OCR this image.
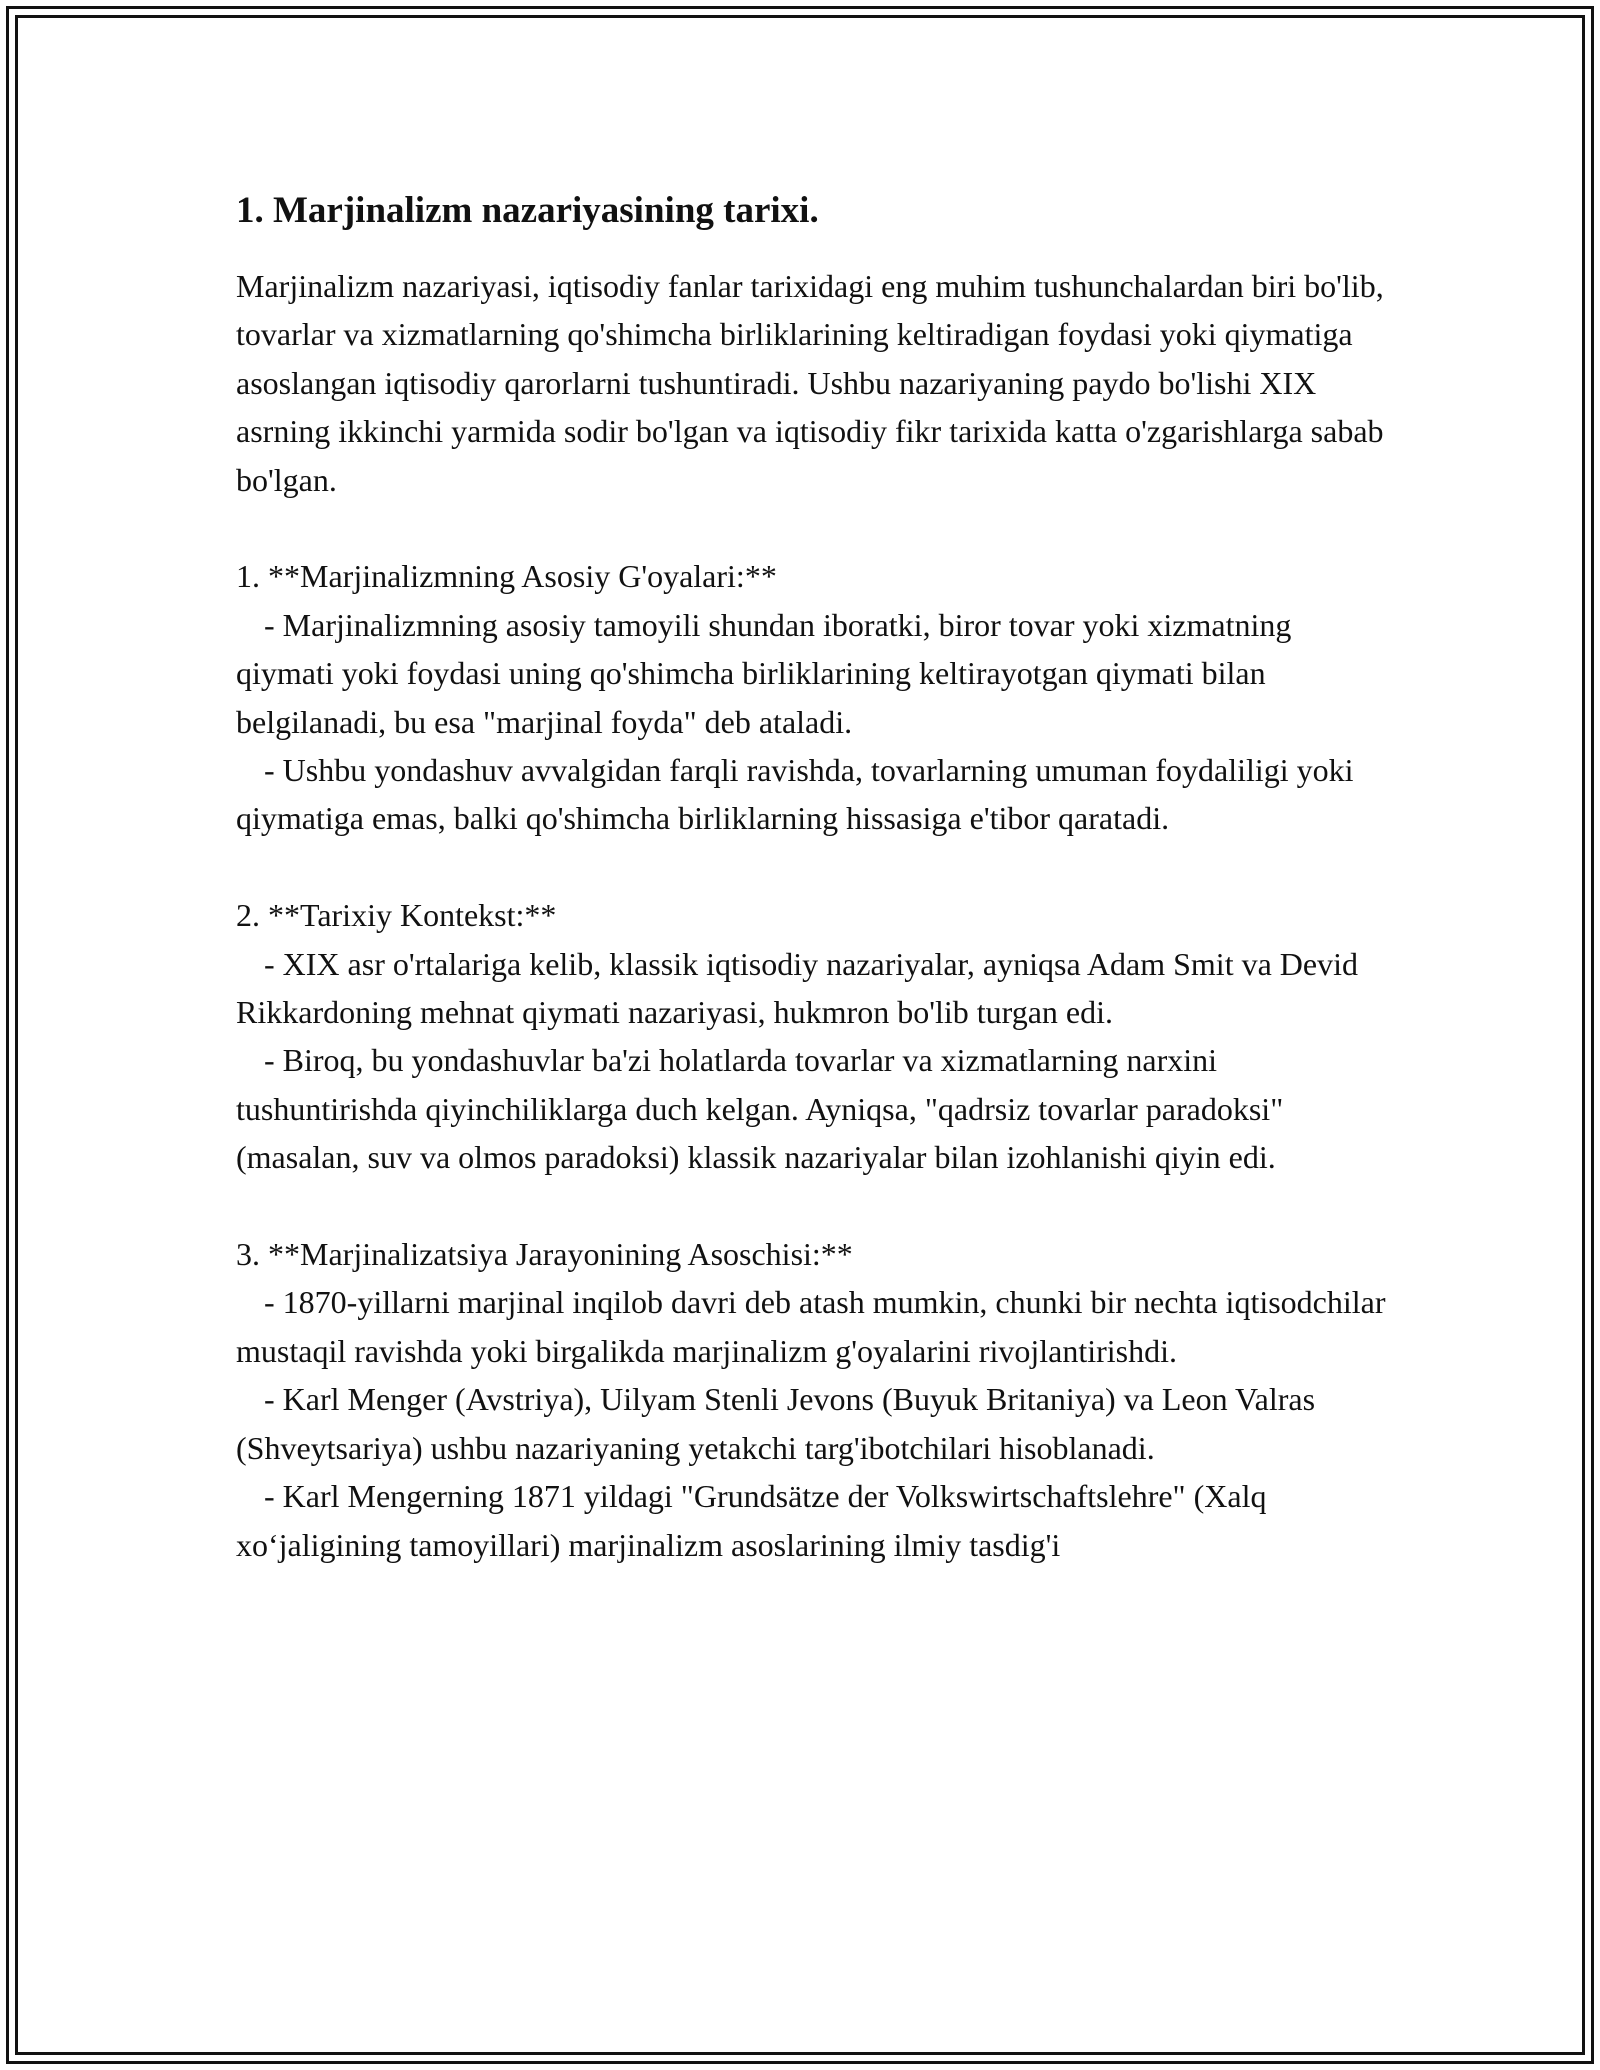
1. Marjinalizm nazariyasining tarixi.

Marjinalizm nazariyasi, iqtisodiy fanlar tarixidagi eng muhim tushunchalardan biri bo'lib, tovarlar va xizmatlarning qo'shimcha birliklarining keltiradigan foydasi yoki qiymatiga asoslangan iqtisodiy qarorlarni tushuntiradi. Ushbu nazariyaning paydo bo'lishi XIX asrning ikkinchi yarmida sodir bo'lgan va iqtisodiy fikr tarixida katta o'zgarishlarga sabab bo'lgan.

1. **Marjinalizmning Asosiy G'oyalari:**

- Marjinalizmning asosiy tamoyili shundan iboratki, biror tovar yoki xizmatning qiymati yoki foydasi uning qo'shimcha birliklarining keltirayotgan qiymati bilan belgilanadi, bu esa "marjinal foyda" deb ataladi.

- Ushbu yondashuv avvalgidan farqli ravishda, tovarlarning umuman foydaliligi yoki qiymatiga emas, balki qo'shimcha birliklarning hissasiga e'tibor qaratadi.

2. **Tarixiy Kontekst:**

- XIX asr o'rtalariga kelib, klassik iqtisodiy nazariyalar, ayniqsa Adam Smit va Devid Rikkardoning mehnat qiymati nazariyasi, hukmron bo'lib turgan edi.

- Biroq, bu yondashuvlar ba'zi holatlarda tovarlar va xizmatlarning narxini tushuntirishda qiyinchiliklarga duch kelgan. Ayniqsa, "qadrsiz tovarlar paradoksi" (masalan, suv va olmos paradoksi) klassik nazariyalar bilan izohlanishi qiyin edi.

3. **Marjinalizatsiya Jarayonining Asoschisi:**

- 1870-yillarni marjinal inqilob davri deb atash mumkin, chunki bir nechta iqtisodchilar mustaqil ravishda yoki birgalikda marjinalizm g'oyalarini rivojlantirishdi.

- Karl Menger (Avstriya), Uilyam Stenli Jevons (Buyuk Britaniya) va Leon Valras (Shveytsariya) ushbu nazariyaning yetakchi targ'ibotchilari hisoblanadi.

- Karl Mengerning 1871 yildagi "Grundsätze der Volkswirtschaftslehre" (Xalq xo‘jaligining tamoyillari) marjinalizm asoslarining ilmiy tasdig'i
